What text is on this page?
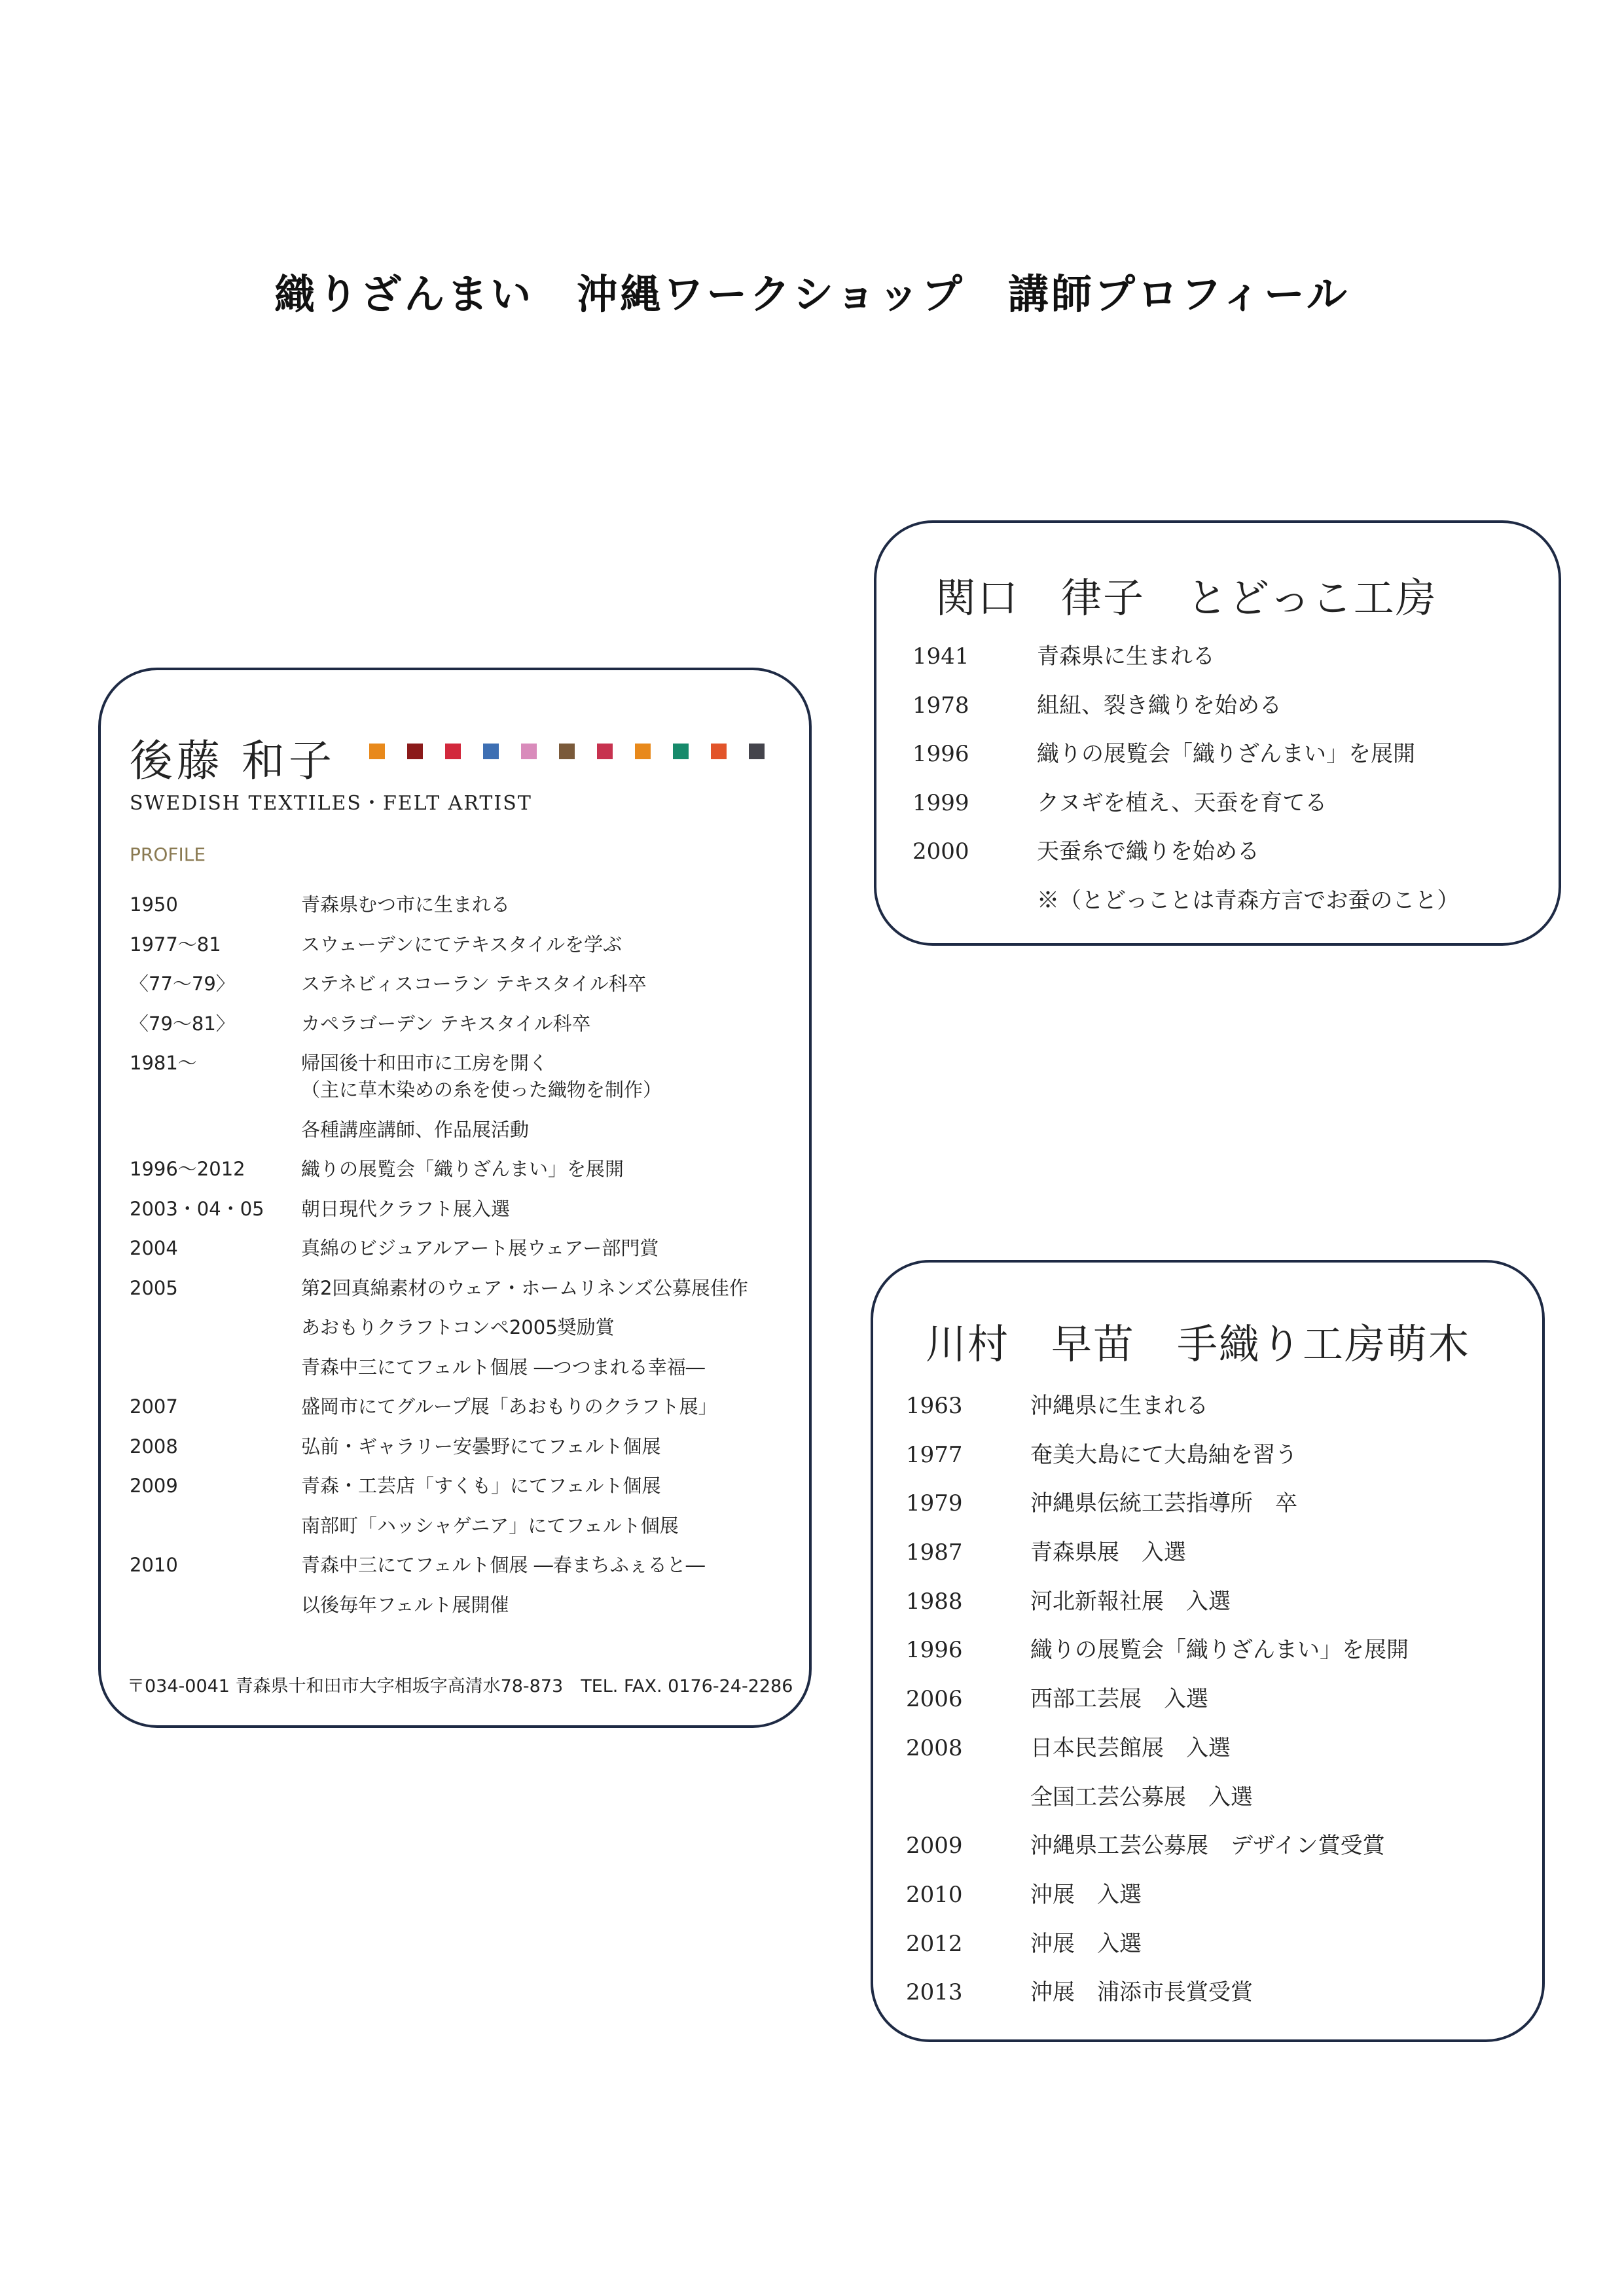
織りざんまい　沖縄ワークショップ　講師プロフィール
後藤 和子
SWEDISH TEXTILES・FELT ARTIST
PROFILE
1950	青森県むつ市に生まれる
1977～81	スウェーデンにてテキスタイルを学ぶ
〈77～79〉	ステネビィスコーラン テキスタイル科卒
〈79～81〉	カペラゴーデン テキスタイル科卒
1981～	帰国後十和田市に工房を開く
（主に草木染めの糸を使った織物を制作）
各種講座講師、作品展活動
1996～2012	織りの展覧会「織りざんまい」を展開
2003・04・05	朝日現代クラフト展入選
2004	真綿のビジュアルアート展ウェアー部門賞
2005	第2回真綿素材のウェア・ホームリネンズ公募展佳作
あおもりクラフトコンペ2005奨励賞
青森中三にてフェルト個展 ―つつまれる幸福―
2007	盛岡市にてグループ展「あおもりのクラフト展」
2008	弘前・ギャラリー安曇野にてフェルト個展
2009	青森・工芸店「すくも」にてフェルト個展
南部町「ハッシャゲニア」にてフェルト個展
2010	青森中三にてフェルト個展 ―春まちふぇると―
以後毎年フェルト展開催
〒034-0041 青森県十和田市大字相坂字高清水78-873　TEL. FAX. 0176-24-2286
関口　律子　とどっこ工房
1941	青森県に生まれる
1978	組紐、裂き織りを始める
1996	織りの展覧会「織りざんまい」を展開
1999	クヌギを植え、天蚕を育てる
2000	天蚕糸で織りを始める
※（とどっことは青森方言でお蚕のこと）
川村　早苗　手織り工房萌木
1963	沖縄県に生まれる
1977	奄美大島にて大島紬を習う
1979	沖縄県伝統工芸指導所　卒
1987	青森県展　入選
1988	河北新報社展　入選
1996	織りの展覧会「織りざんまい」を展開
2006	西部工芸展　入選
2008	日本民芸館展　入選
全国工芸公募展　入選
2009	沖縄県工芸公募展　デザイン賞受賞
2010	沖展　入選
2012	沖展　入選
2013	沖展　浦添市長賞受賞
